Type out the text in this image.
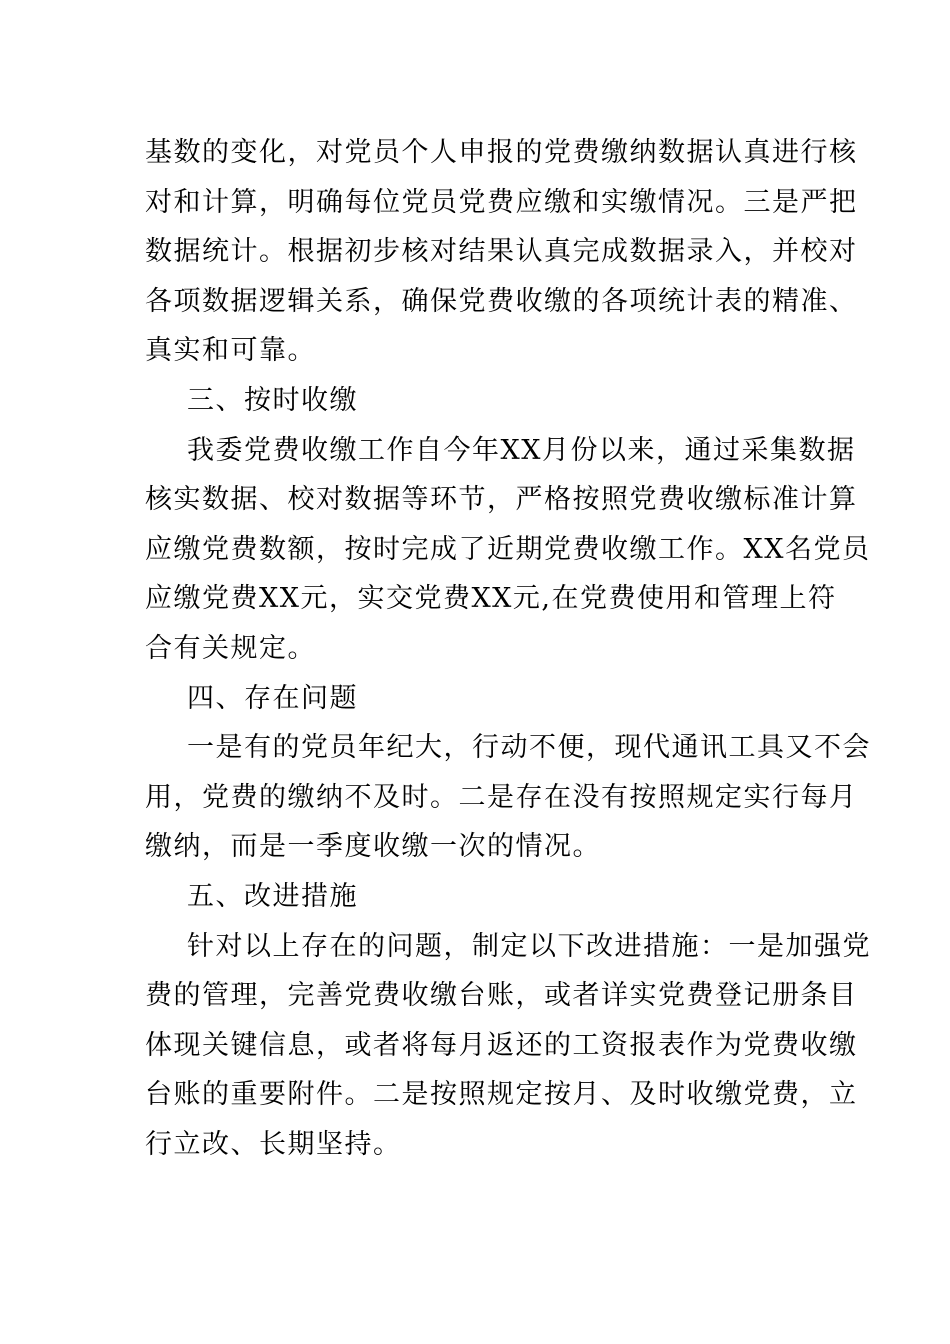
基数的变化，对党员个人申报的党费缴纳数据认真进行核
对和计算，明确每位党员党费应缴和实缴情况。三是严把
数据统计。根据初步核对结果认真完成数据录入，并校对
各项数据逻辑关系，确保党费收缴的各项统计表的精准、
真实和可靠。
三、按时收缴
我委党费收缴工作自今年XX月份以来，通过采集数据
核实数据、校对数据等环节，严格按照党费收缴标准计算
应缴党费数额，按时完成了近期党费收缴工作。XX名党员
应缴党费XX元，实交党费XX元,在党费使用和管理上符
合有关规定。
四、存在问题
一是有的党员年纪大，行动不便，现代通讯工具又不会
用，党费的缴纳不及时。二是存在没有按照规定实行每月
缴纳，而是一季度收缴一次的情况。
五、改进措施
针对以上存在的问题，制定以下改进措施：一是加强党
费的管理，完善党费收缴台账，或者详实党费登记册条目
体现关键信息，或者将每月返还的工资报表作为党费收缴
台账的重要附件。二是按照规定按月、及时收缴党费，立
行立改、长期坚持。
